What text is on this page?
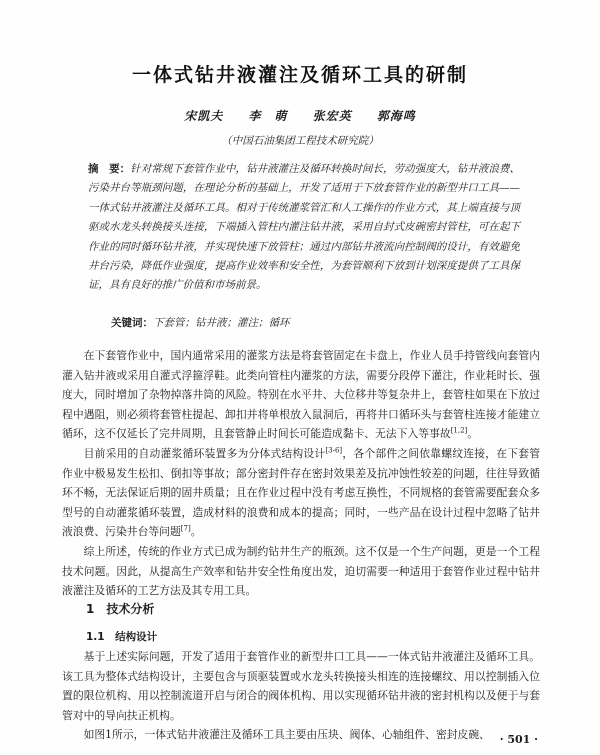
一体式钻井液灌注及循环工具的研制
宋凯夫 李　萌 张宏英 郭海鸣
（中国石油集团工程技术研究院）
摘　要：针对常规下套管作业中，钻井液灌注及循环转换时间长，劳动强度大，钻井液浪费、污染井台等瓶颈问题，在理论分析的基础上，开发了适用于下放套管作业的新型井口工具——一体式钻井液灌注及循环工具。相对于传统灌浆管汇和人工操作的作业方式，其上端直接与顶驱或水龙头转换接头连接，下端插入管柱内灌注钻井液，采用自封式皮碗密封管柱，可在起下作业的同时循环钻井液，并实现快速下放管柱；通过内部钻井液流向控制阀的设计，有效避免井台污染，降低作业强度，提高作业效率和安全性，为套管顺利下放到计划深度提供了工具保证，具有良好的推广价值和市场前景。
关键词：下套管；钻井液；灌注；循环

在下套管作业中，国内通常采用的灌浆方法是将套管固定在卡盘上，作业人员手持管线向套管内灌入钻井液或采用自灌式浮箍浮鞋。此类向管柱内灌浆的方法，需要分段停下灌注，作业耗时长、强度大，同时增加了杂物掉落井筒的风险。特别在水平井、大位移井等复杂井上，套管柱如果在下放过程中遇阻，则必须将套管柱提起、卸扣并将单根放入鼠洞后，再将井口循环头与套管柱连接才能建立循环，这不仅延长了完井周期，且套管静止时间长可能造成黏卡、无法下入等事故[1,2]。

目前采用的自动灌浆循环装置多为分体式结构设计[3-6]，各个部件之间依靠螺纹连接，在下套管作业中极易发生松扣、倒扣等事故；部分密封件存在密封效果差及抗冲蚀性较差的问题，往往导致循环不畅，无法保证后期的固井质量；且在作业过程中没有考虑互换性，不同规格的套管需要配套众多型号的自动灌浆循环装置，造成材料的浪费和成本的提高；同时，一些产品在设计过程中忽略了钻井液浪费、污染井台等问题[7]。

综上所述，传统的作业方式已成为制约钻井生产的瓶颈。这不仅是一个生产问题，更是一个工程技术问题。因此，从提高生产效率和钻井安全性角度出发，迫切需要一种适用于套管作业过程中钻井液灌注及循环的工艺方法及其专用工具。

1　技术分析
1.1　结构设计

基于上述实际问题，开发了适用于套管作业的新型井口工具——一体式钻井液灌注及循环工具。该工具为整体式结构设计，主要包含与顶驱装置或水龙头转换接头相连的连接螺纹、用以控制插入位置的限位机构、用以控制流道开启与闭合的阀体机构、用以实现循环钻井液的密封机构以及便于与套管对中的导向扶正机构。

如图1所示，一体式钻井液灌注及循环工具主要由压块、阀体、心轴组件、密封皮碗、 · 501 ·
